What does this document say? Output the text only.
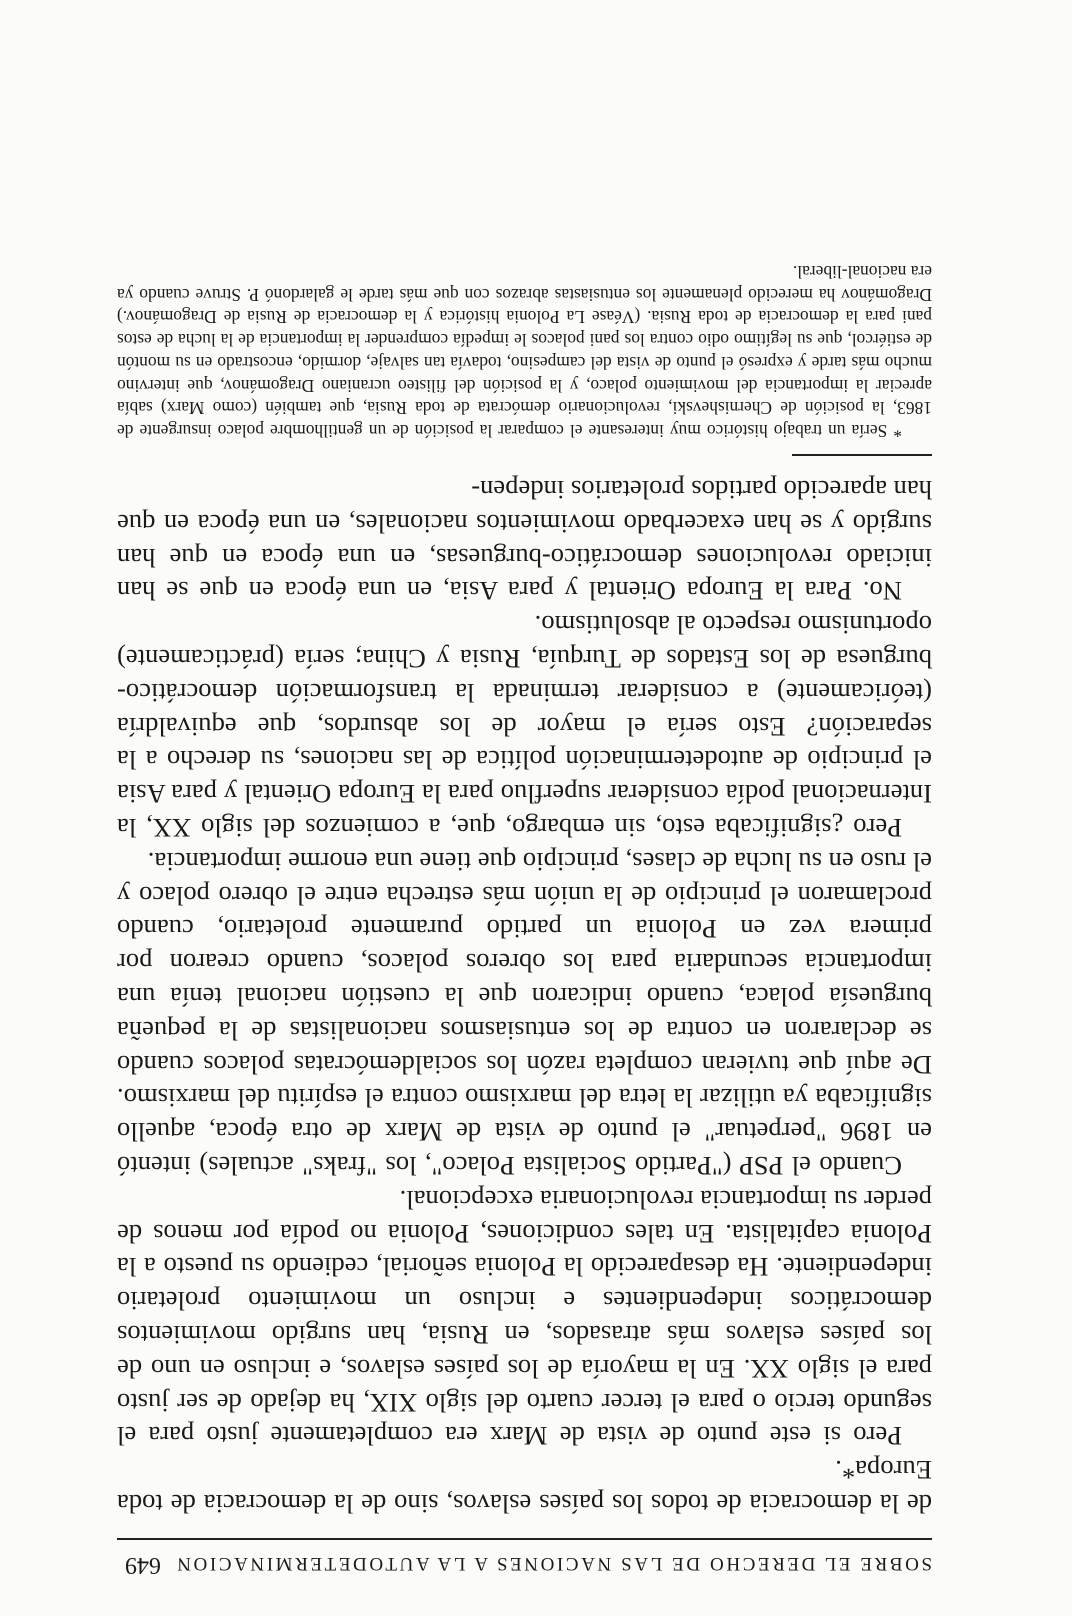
SOBRE EL DERECHO DE LAS NACIONES A LA AUTODETERMINACION
649

de la democracia de todos los países eslavos, sino de la democracia de toda Europa*.

Pero si este punto de vista de Marx era completamente justo para el segundo tercio o para el tercer cuarto del siglo XIX, ha dejado de ser justo para el siglo XX. En la mayoría de los países eslavos, e incluso en uno de los países eslavos más atrasados, en Rusia, han surgido movimientos democráticos independientes e incluso un movimiento proletario independiente. Ha desaparecido la Polonia señorial, cediendo su puesto a la Polonia capitalista. En tales condiciones, Polonia no podía por menos de perder su importancia revolucionaria excepcional.

Cuando el PSP ("Partido Socialista Polaco", los "fraks" actuales) intentó en 1896 "perpetuar" el punto de vista de Marx de otra época, aquello significaba ya utilizar la letra del marxismo contra el espíritu del marxismo. De aquí que tuvieran completa razón los socialdemócratas polacos cuando se declararon en contra de los entusiasmos nacionalistas de la pequeña burguesía polaca, cuando indicaron que la cuestión nacional tenía una importancia secundaria para los obreros polacos, cuando crearon por primera vez en Polonia un partido puramente proletario, cuando proclamaron el principio de la unión más estrecha entre el obrero polaco y el ruso en su lucha de clases, principio que tiene una enorme importancia.

Pero ¿significaba esto, sin embargo, que, a comienzos del siglo XX, la Internacional podía considerar superfluo para la Europa Oriental y para Asia el principio de autodeterminación política de las naciones, su derecho a la separación? Esto sería el mayor de los absurdos, que equivaldría (teóricamente) a considerar terminada la transformación democrático-burguesa de los Estados de Turquía, Rusia y China; sería (prácticamente) oportunismo respecto al absolutismo.

No. Para la Europa Oriental y para Asia, en una época en que se han iniciado revoluciones democrático-burguesas, en una época en que han surgido y se han exacerbado movimientos nacionales, en una época en que han aparecido partidos proletarios indepen-

* Sería un trabajo histórico muy interesante el comparar la posición de un gentilhombre polaco insurgente de 1863, la posición de Chernishevski, revolucionario demócrata de toda Rusia, que también (como Marx) sabía apreciar la importancia del movimiento polaco, y la posición del filisteo ucraniano Dragománov, que intervino mucho más tarde y expresó el punto de vista del campesino, todavía tan salvaje, dormido, encostrado en su montón de estiércol, que su legítimo odio contra los pani polacos le impedía comprender la importancia de la lucha de estos pani para la democracia de toda Rusia. (Véase La Polonia histórica y la democracia de Rusia de Dragománov.) Dragománov ha merecido plenamente los entusiastas abrazos con que más tarde le galardonó P. Struve cuando ya era nacional-liberal.
